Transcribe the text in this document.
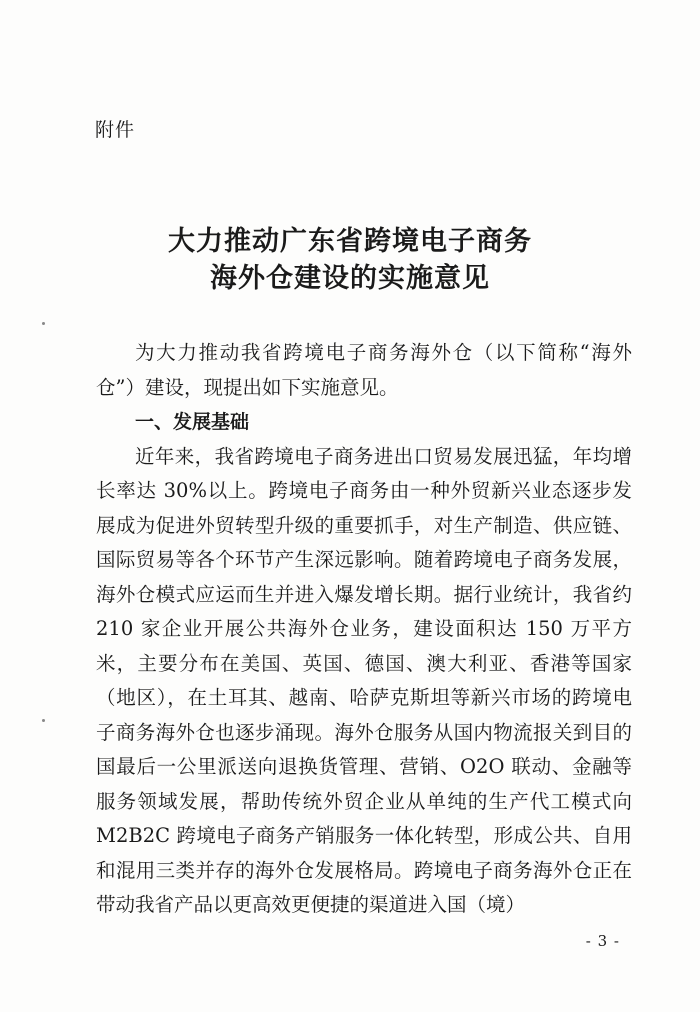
附件
大力推动广东省跨境电子商务
海外仓建设的实施意见

为大力推动我省跨境电子商务海外仓（以下简称“海外仓”）建设，现提出如下实施意见。

一、发展基础

近年来，我省跨境电子商务进出口贸易发展迅猛，年均增长率达 30%以上。跨境电子商务由一种外贸新兴业态逐步发展成为促进外贸转型升级的重要抓手，对生产制造、供应链、国际贸易等各个环节产生深远影响。随着跨境电子商务发展，海外仓模式应运而生并进入爆发增长期。据行业统计，我省约 210 家企业开展公共海外仓业务，建设面积达 150 万平方米，主要分布在美国、英国、德国、澳大利亚、香港等国家（地区），在土耳其、越南、哈萨克斯坦等新兴市场的跨境电子商务海外仓也逐步涌现。海外仓服务从国内物流报关到目的国最后一公里派送向退换货管理、营销、O2O 联动、金融等服务领域发展，帮助传统外贸企业从单纯的生产代工模式向 M2B2C 跨境电子商务产销服务一体化转型，形成公共、自用和混用三类并存的海外仓发展格局。跨境电子商务海外仓正在带动我省产品以更高效更便捷的渠道进入国（境）

- 3 -
